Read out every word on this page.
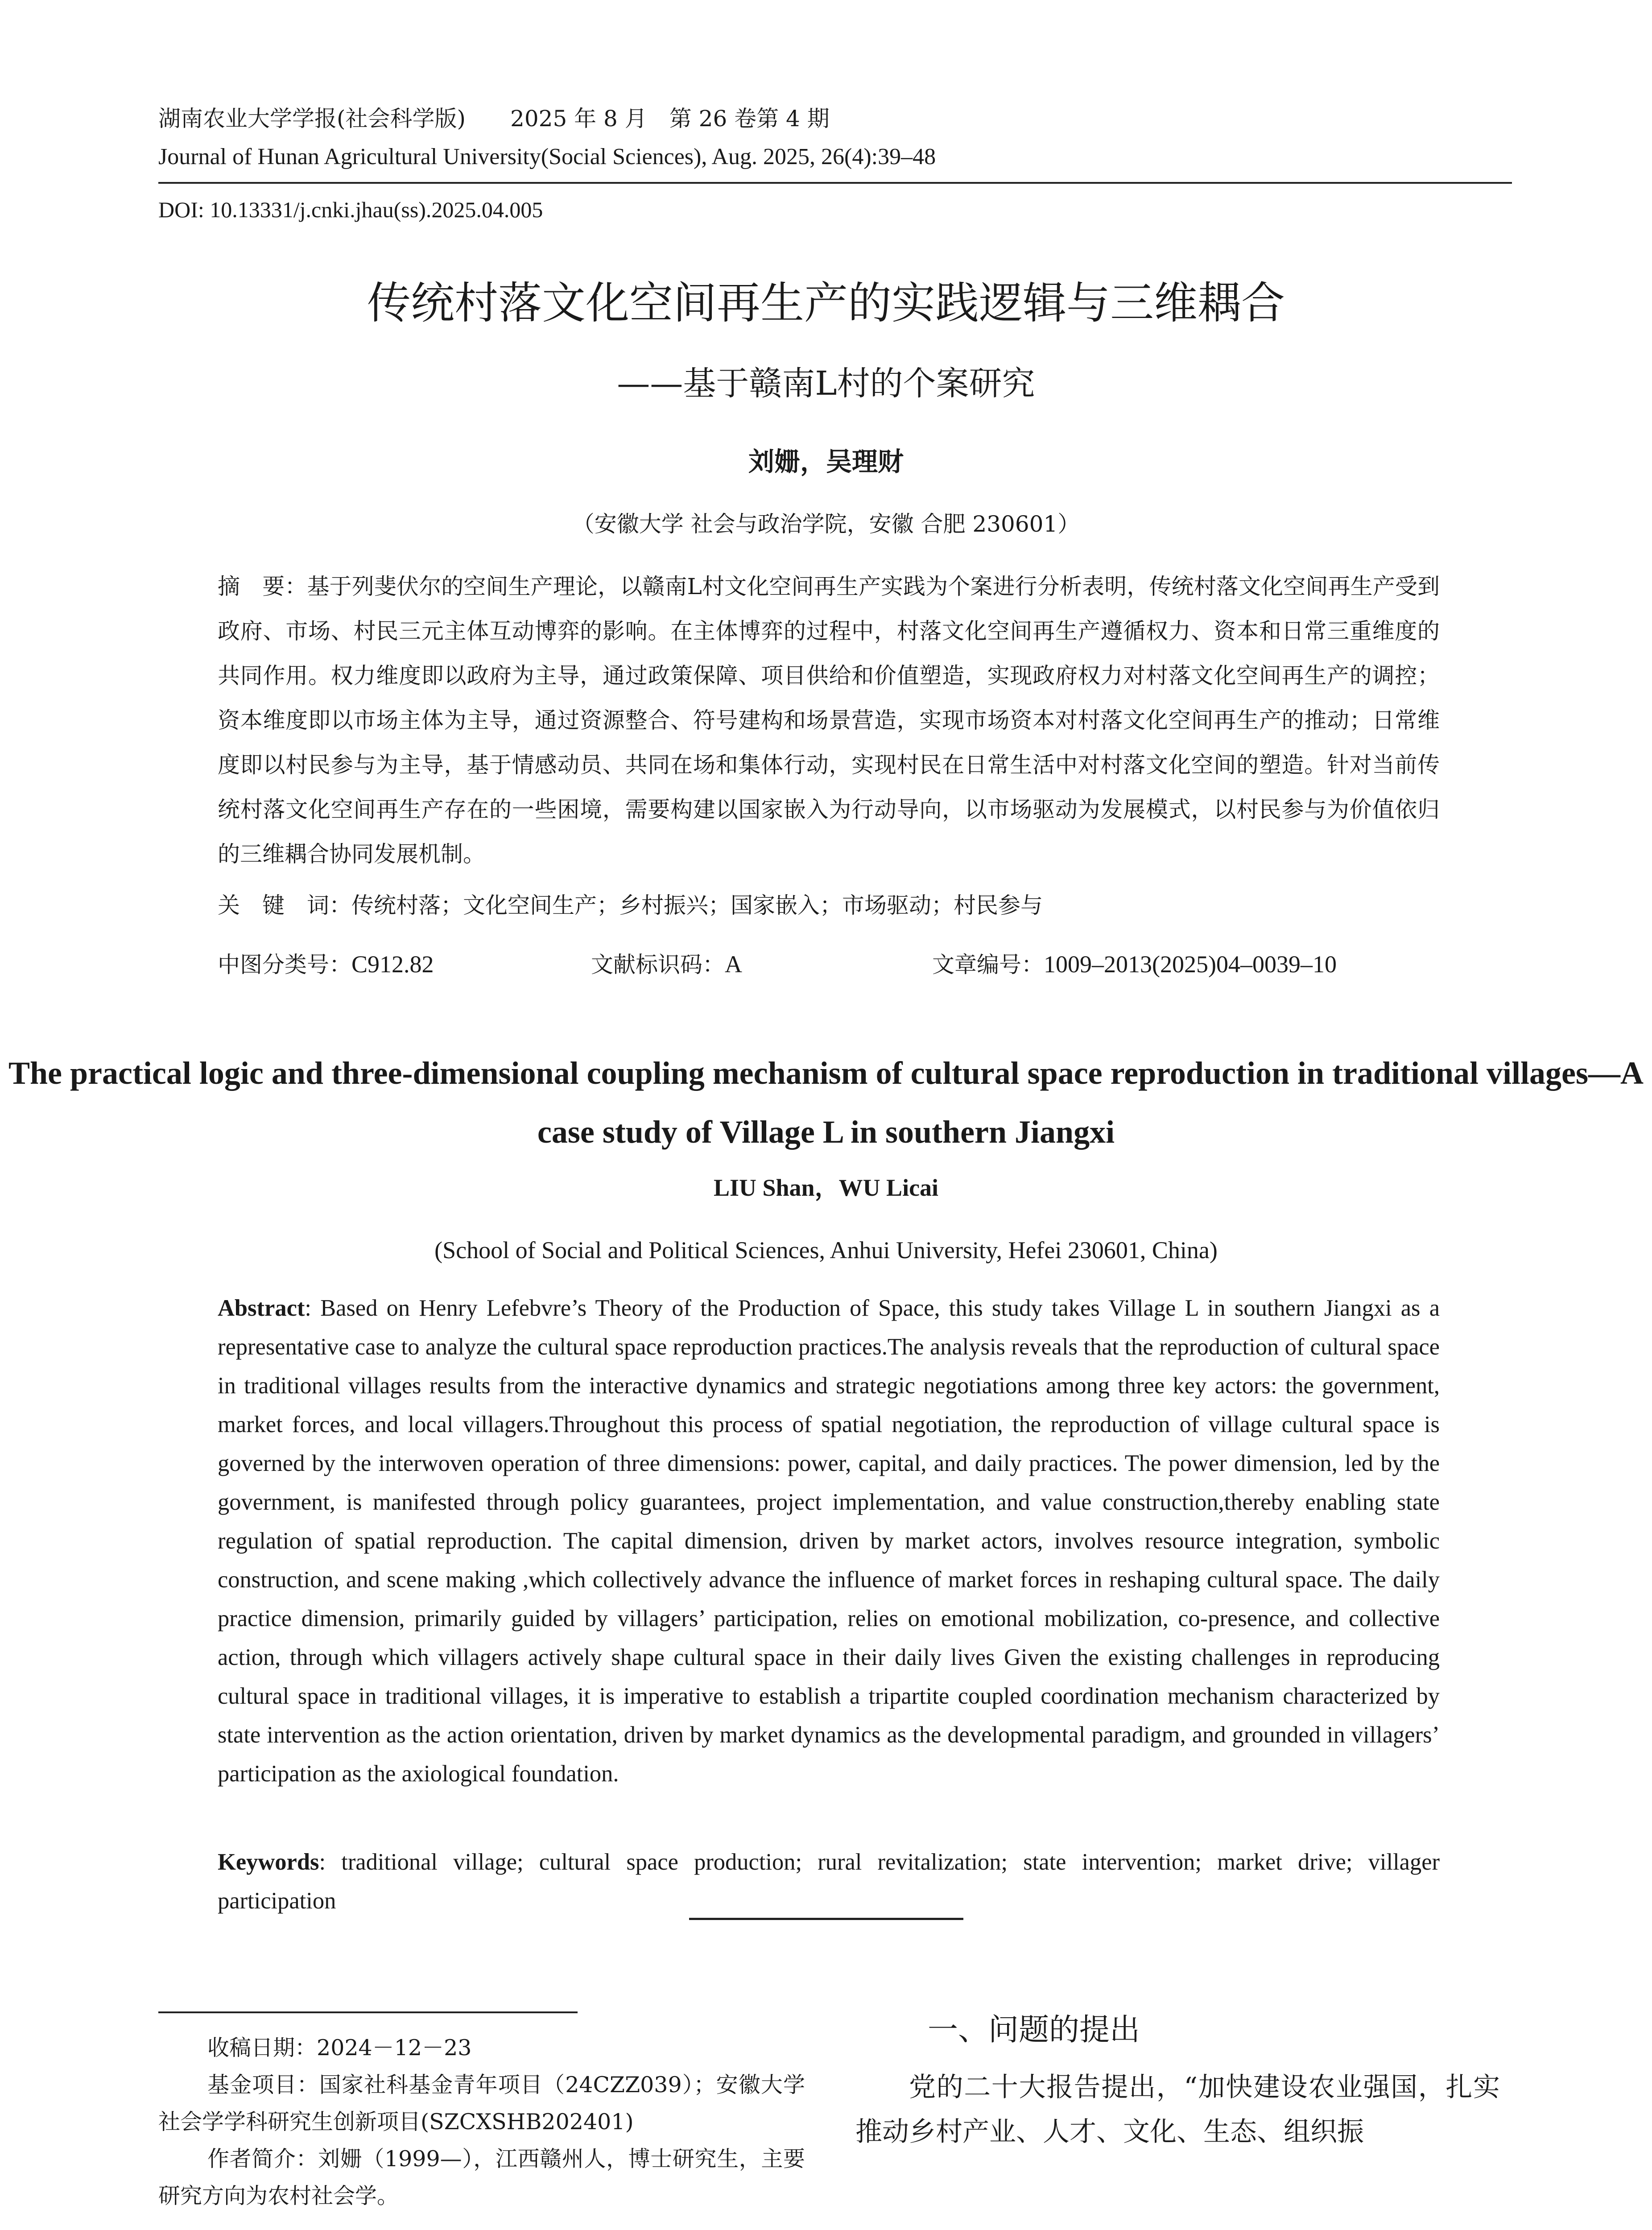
湖南农业大学学报(社会科学版)　　2025 年 8 月　第 26 卷第 4 期
Journal of Hunan Agricultural University(Social Sciences), Aug. 2025, 26(4):39–48
DOI: 10.13331/j.cnki.jhau(ss).2025.04.005
传统村落文化空间再生产的实践逻辑与三维耦合
——基于赣南L村的个案研究
刘姗，吴理财
（安徽大学 社会与政治学院，安徽 合肥 230601）
摘　要：基于列斐伏尔的空间生产理论，以赣南L村文化空间再生产实践为个案进行分析表明，传统村落文化空间再生产受到政府、市场、村民三元主体互动博弈的影响。在主体博弈的过程中，村落文化空间再生产遵循权力、资本和日常三重维度的共同作用。权力维度即以政府为主导，通过政策保障、项目供给和价值塑造，实现政府权力对村落文化空间再生产的调控；资本维度即以市场主体为主导，通过资源整合、符号建构和场景营造，实现市场资本对村落文化空间再生产的推动；日常维度即以村民参与为主导，基于情感动员、共同在场和集体行动，实现村民在日常生活中对村落文化空间的塑造。针对当前传统村落文化空间再生产存在的一些困境，需要构建以国家嵌入为行动导向，以市场驱动为发展模式，以村民参与为价值依归的三维耦合协同发展机制。
关　键　词：传统村落；文化空间生产；乡村振兴；国家嵌入；市场驱动；村民参与
中图分类号：C912.82	文献标识码：A	文章编号：1009–2013(2025)04–0039–10
The practical logic and three-dimensional coupling mechanism of cultural space reproduction in traditional villages—A case study of Village L in southern Jiangxi
LIU Shan，WU Licai
(School of Social and Political Sciences, Anhui University, Hefei 230601, China)
Abstract: Based on Henry Lefebvre’s Theory of the Production of Space, this study takes Village L in southern Jiangxi as a representative case to analyze the cultural space reproduction practices.The analysis reveals that the reproduction of cultural space in traditional villages results from the interactive dynamics and strategic negotiations among three key actors: the government, market forces, and local villagers.Throughout this process of spatial negotiation, the reproduction of village cultural space is governed by the interwoven operation of three dimensions: power, capital, and daily practices. The power dimension, led by the government, is manifested through policy guarantees, project implementation, and value construction,thereby enabling state regulation of spatial reproduction. The capital dimension, driven by market actors, involves resource integration, symbolic construction, and scene making ,which collectively advance the influence of market forces in reshaping cultural space. The daily practice dimension, primarily guided by villagers’ participation, relies on emotional mobilization, co-presence, and collective action, through which villagers actively shape cultural space in their daily lives Given the existing challenges in reproducing cultural space in traditional villages, it is imperative to establish a tripartite coupled coordination mechanism characterized by state intervention as the action orientation, driven by market dynamics as the developmental paradigm, and grounded in villagers’ participation as the axiological foundation.
Keywords: traditional village; cultural space production; rural revitalization; state intervention; market drive; villager participation
收稿日期：2024－12－23
基金项目：国家社科基金青年项目（24CZZ039）；安徽大学社会学学科研究生创新项目(SZCXSHB202401)
作者简介：刘姗（1999—），江西赣州人，博士研究生，主要研究方向为农村社会学。
一、问题的提出
党的二十大报告提出，“加快建设农业强国，扎实推动乡村产业、人才、文化、生态、组织振
